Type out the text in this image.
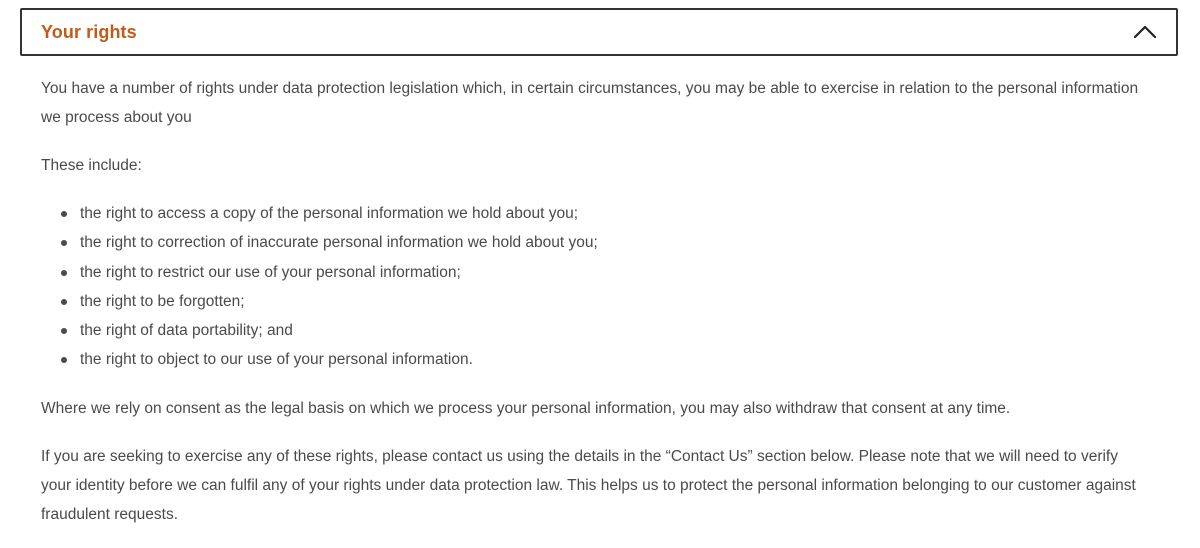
Your rights

You have a number of rights under data protection legislation which, in certain circumstances, you may be able to exercise in relation to the personal information we process about you

These include:

the right to access a copy of the personal information we hold about you;
the right to correction of inaccurate personal information we hold about you;
the right to restrict our use of your personal information;
the right to be forgotten;
the right of data portability; and
the right to object to our use of your personal information.

Where we rely on consent as the legal basis on which we process your personal information, you may also withdraw that consent at any time.

If you are seeking to exercise any of these rights, please contact us using the details in the “Contact Us” section below. Please note that we will need to verify your identity before we can fulfil any of your rights under data protection law. This helps us to protect the personal information belonging to our customer against fraudulent requests.
